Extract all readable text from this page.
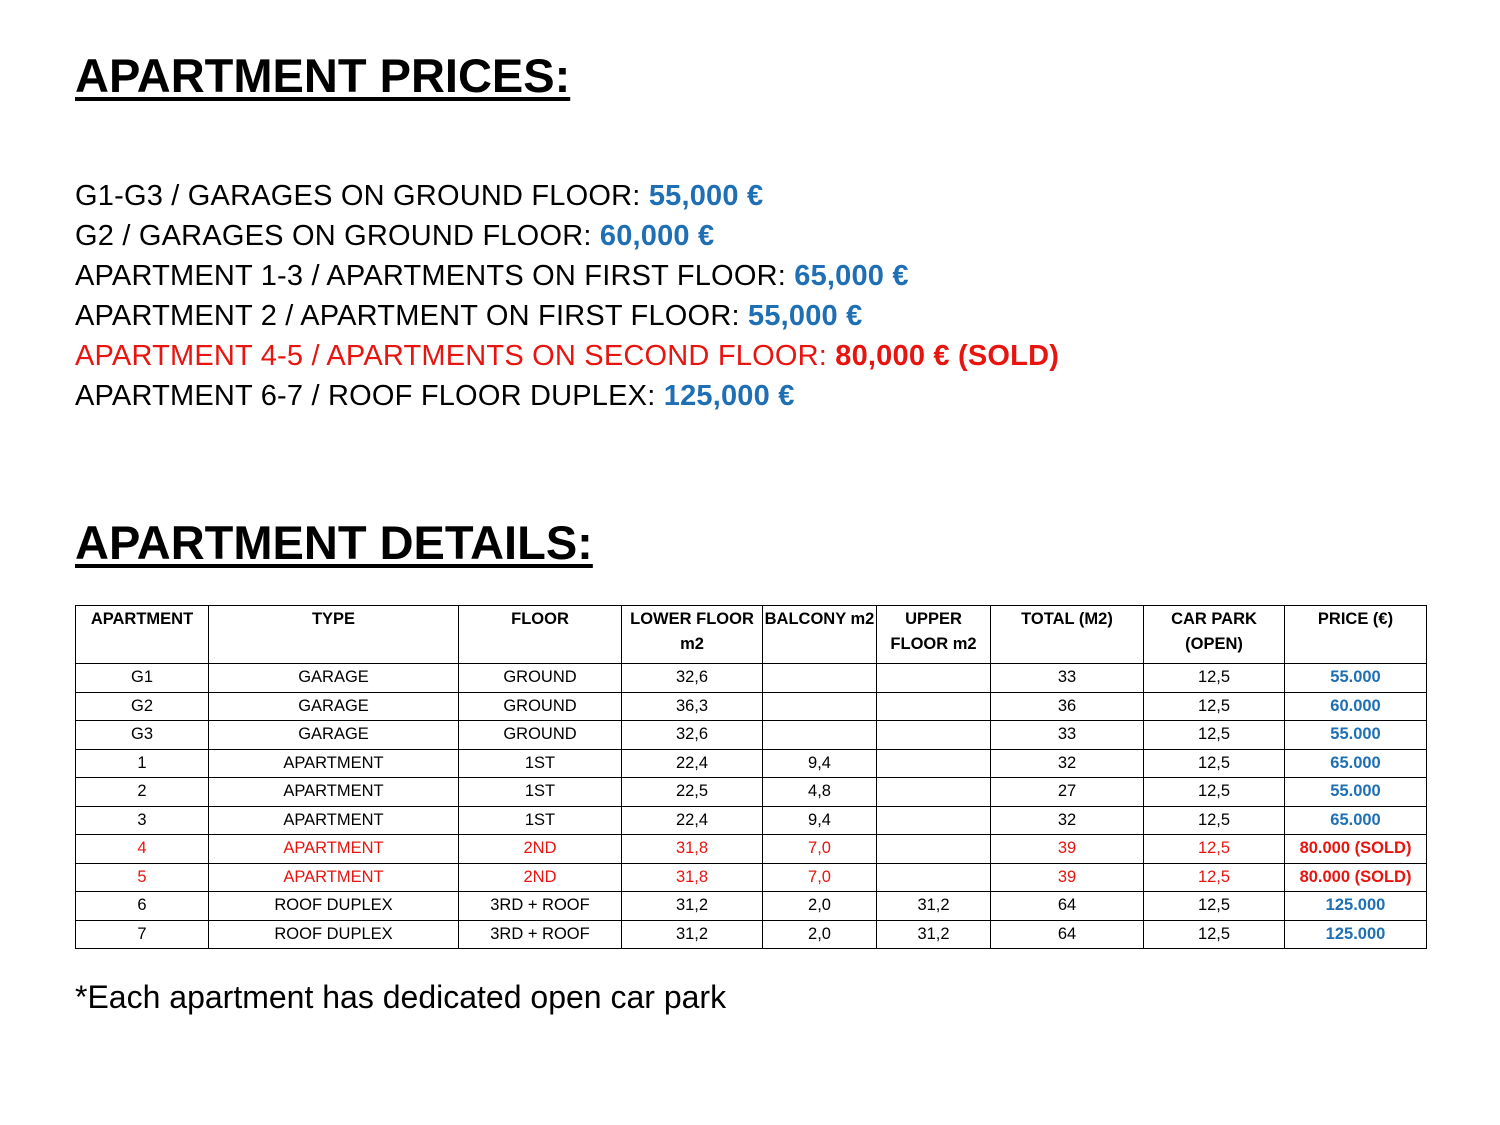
APARTMENT PRICES:
G1-G3 / GARAGES ON GROUND FLOOR: 55,000 €
G2 / GARAGES ON GROUND FLOOR: 60,000 €
APARTMENT 1-3 / APARTMENTS ON FIRST FLOOR: 65,000 €
APARTMENT 2 / APARTMENT ON FIRST FLOOR: 55,000 €
APARTMENT 4-5 / APARTMENTS ON SECOND FLOOR: 80,000 € (SOLD)
APARTMENT 6-7 / ROOF FLOOR DUPLEX: 125,000 €
APARTMENT DETAILS:
APARTMENT	TYPE	FLOOR	LOWER FLOOR m2	BALCONY m2	UPPER FLOOR m2	TOTAL (M2)	CAR PARK (OPEN)	PRICE (€)
G1	GARAGE	GROUND	32,6			33	12,5	55.000
G2	GARAGE	GROUND	36,3			36	12,5	60.000
G3	GARAGE	GROUND	32,6			33	12,5	55.000
1	APARTMENT	1ST	22,4	9,4		32	12,5	65.000
2	APARTMENT	1ST	22,5	4,8		27	12,5	55.000
3	APARTMENT	1ST	22,4	9,4		32	12,5	65.000
4	APARTMENT	2ND	31,8	7,0		39	12,5	80.000 (SOLD)
5	APARTMENT	2ND	31,8	7,0		39	12,5	80.000 (SOLD)
6	ROOF DUPLEX	3RD + ROOF	31,2	2,0	31,2	64	12,5	125.000
7	ROOF DUPLEX	3RD + ROOF	31,2	2,0	31,2	64	12,5	125.000

*Each apartment has dedicated open car park
